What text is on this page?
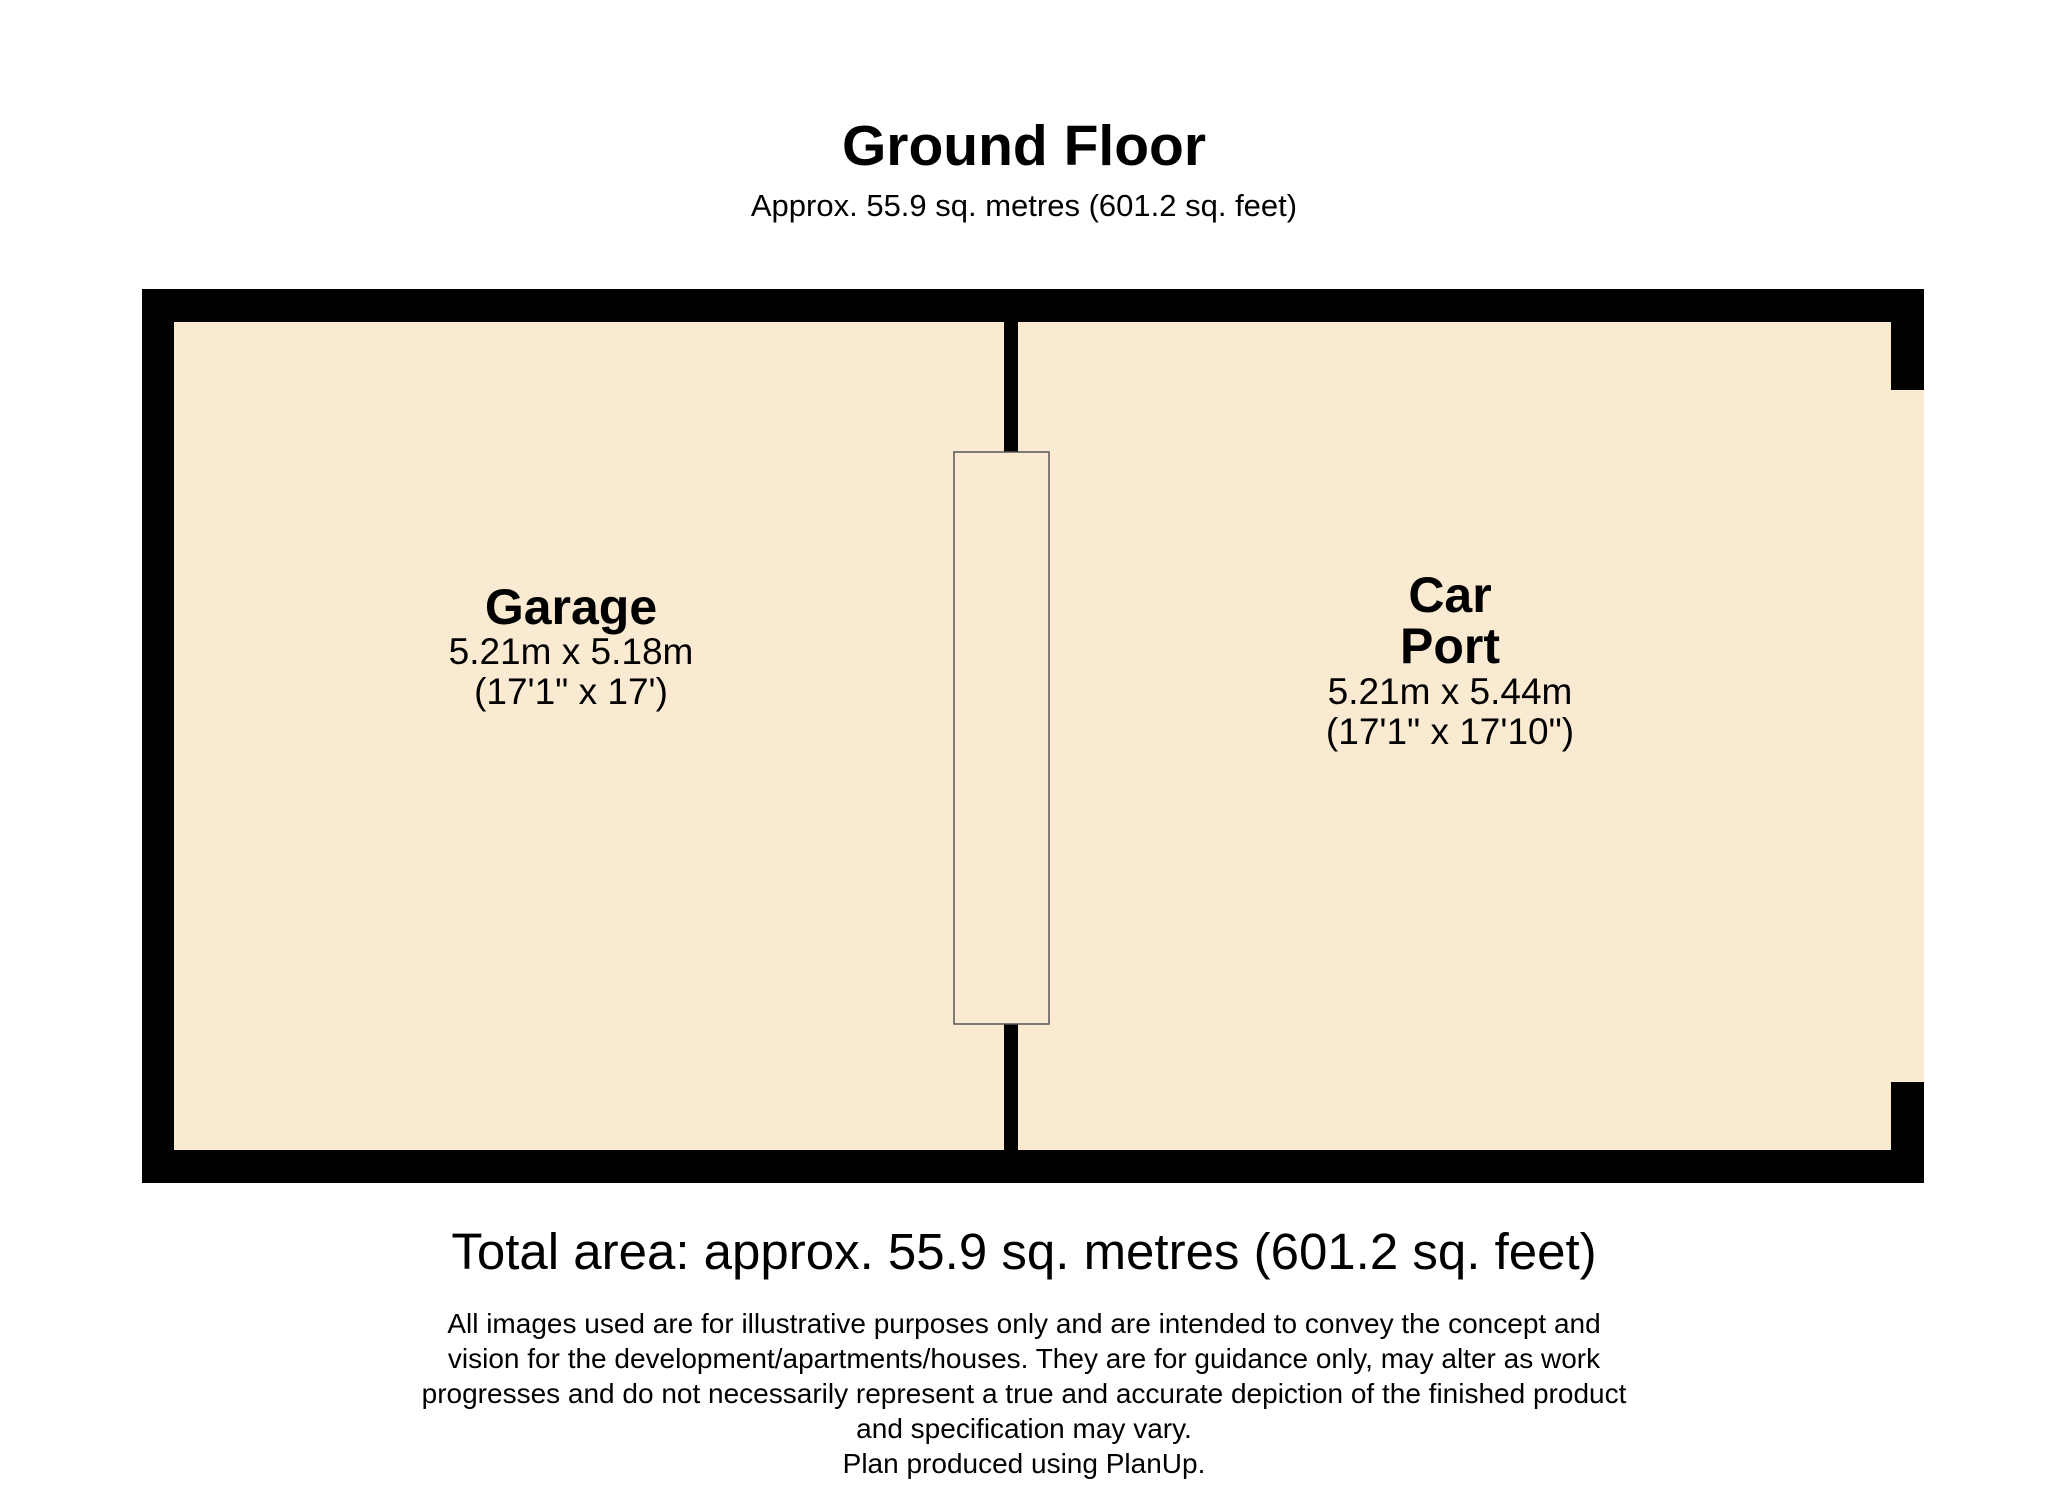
Ground Floor
Approx. 55.9 sq. metres (601.2 sq. feet)
Garage
5.21m x 5.18m
(17'1" x 17')
Car
Port
5.21m x 5.44m
(17'1" x 17'10")
Total area: approx. 55.9 sq. metres (601.2 sq. feet)
All images used are for illustrative purposes only and are intended to convey the concept and
vision for the development/apartments/houses. They are for guidance only, may alter as work
progresses and do not necessarily represent a true and accurate depiction of the finished product
and specification may vary.
Plan produced using PlanUp.
